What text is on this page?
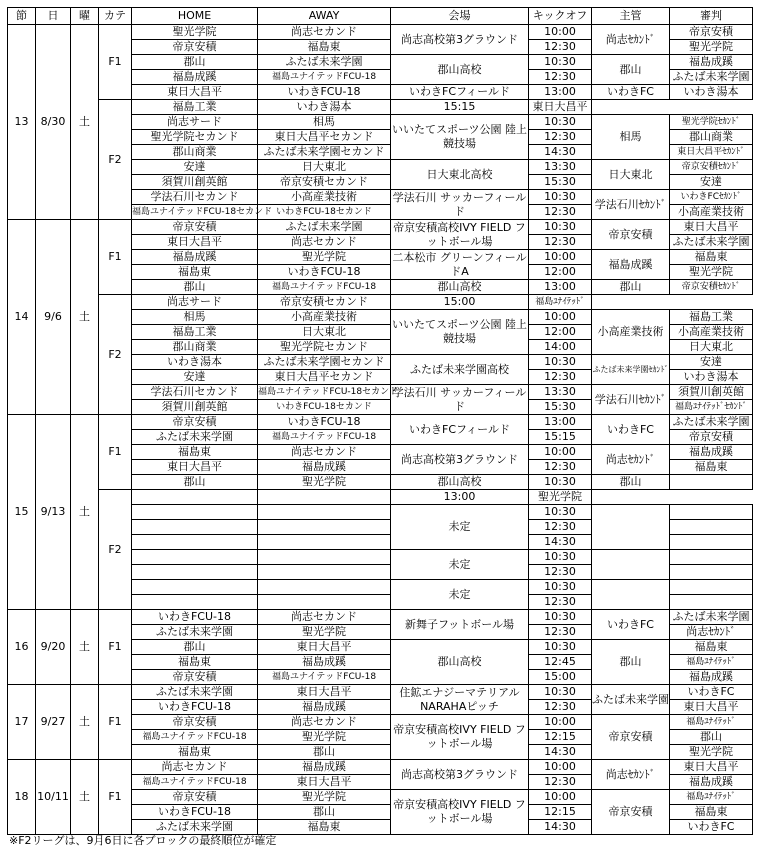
節	日	曜	カテ	HOME	AWAY	会場	キックオフ	主管	審判
13	8/30	土	F1	聖光学院	尚志セカンド	尚志高校第3グラウンド	10:00	尚志ｾｶﾝﾄﾞ	帝京安積
				帝京安積	福島東		12:30		聖光学院
				郡山	ふたば未来学園	郡山高校	10:30	郡山	福島成蹊
				福島成蹊	福島ユナイテッドFCU-18		12:30		ふたば未来学園
				東日大昌平	いわきFCU-18	いわきFCフィールド	13:00	いわきFC	いわき湯本
			F2	福島工業	いわき湯本	15:15	東日大昌平		
				尚志サード	相馬	いいたてスポーツ公園 陸上競技場	10:30	相馬	聖光学院ｾｶﾝﾄﾞ
				聖光学院セカンド	東日大昌平セカンド		12:30		郡山商業
				郡山商業	ふたば未来学園セカンド		14:30		東日大昌平ｾｶﾝﾄﾞ
				安達	日大東北	日大東北高校	13:30	日大東北	帝京安積ｾｶﾝﾄﾞ
				須賀川創英館	帝京安積セカンド		15:30		安達
				学法石川セカンド	小高産業技術	学法石川 サッカーフィールド	10:30	学法石川ｾｶﾝﾄﾞ	いわきFCｾｶﾝﾄﾞ
				福島ユナイテッドFCU-18セカンド	いわきFCU-18セカンド		12:30		小高産業技術
14	9/6	土	F1	帝京安積	ふたば未来学園	帝京安積高校IVY FIELD フットボール場	10:30	帝京安積	東日大昌平
				東日大昌平	尚志セカンド		12:30		ふたば未来学園
				福島成蹊	聖光学院	二本松市 グリーンフィールドA	10:00	福島成蹊	福島東
				福島東	いわきFCU-18		12:00		聖光学院
				郡山	福島ユナイテッドFCU-18	郡山高校	13:00	郡山	帝京安積ｾｶﾝﾄﾞ
			F2	尚志サード	帝京安積セカンド	15:00	福島ﾕﾅｲﾃｯﾄﾞ		
				相馬	小高産業技術	いいたてスポーツ公園 陸上競技場	10:00	小高産業技術	福島工業
				福島工業	日大東北		12:00		小高産業技術
				郡山商業	聖光学院セカンド		14:00		日大東北
				いわき湯本	ふたば未来学園セカンド	ふたば未来学園高校	10:30	ふたば未来学園ｾｶﾝﾄﾞ	安達
				安達	東日大昌平セカンド		12:30		いわき湯本
				学法石川セカンド	福島ユナイテッドFCU-18セカンド	学法石川 サッカーフィールド	13:30	学法石川ｾｶﾝﾄﾞ	須賀川創英館
				須賀川創英館	いわきFCU-18セカンド		15:30		福島ﾕﾅｲﾃｯﾄﾞｾｶﾝﾄﾞ
15	9/13	土	F1	帝京安積	いわきFCU-18	いわきFCフィールド	13:00	いわきFC	ふたば未来学園
				ふたば未来学園	福島ユナイテッドFCU-18		15:15		帝京安積
				福島東	尚志セカンド	尚志高校第3グラウンド	10:00	尚志ｾｶﾝﾄﾞ	福島成蹊
				東日大昌平	福島成蹊		12:30		福島東
				郡山	聖光学院	郡山高校	10:30	郡山	
			F2			13:00	聖光学院		
						未定	10:30		
							12:30		
							14:30		
						未定	10:30		
							12:30		
						未定	10:30		
							12:30		
16	9/20	土	F1	いわきFCU-18	尚志セカンド	新舞子フットボール場	10:30	いわきFC	ふたば未来学園
				ふたば未来学園	聖光学院		12:30		尚志ｾｶﾝﾄﾞ
				郡山	東日大昌平	郡山高校	10:30	郡山	福島東
				福島東	福島成蹊		12:45		福島ﾕﾅｲﾃｯﾄﾞ
				帝京安積	福島ユナイテッドFCU-18		15:00		福島成蹊
17	9/27	土	F1	ふたば未来学園	東日大昌平	住鉱エナジーマテリアル NARAHAピッチ	10:30	ふたば未来学園	いわきFC
				いわきFCU-18	福島成蹊		12:30		東日大昌平
				帝京安積	尚志セカンド	帝京安積高校IVY FIELD フットボール場	10:00	帝京安積	福島ﾕﾅｲﾃｯﾄﾞ
				福島ユナイテッドFCU-18	聖光学院		12:15		郡山
				福島東	郡山		14:30		聖光学院
18	10/11	土	F1	尚志セカンド	福島成蹊	尚志高校第3グラウンド	10:00	尚志ｾｶﾝﾄﾞ	東日大昌平
				福島ユナイテッドFCU-18	東日大昌平		12:30		福島成蹊
				帝京安積	聖光学院	帝京安積高校IVY FIELD フットボール場	10:00	帝京安積	福島ﾕﾅｲﾃｯﾄﾞ
				いわきFCU-18	郡山		12:15		福島東
				ふたば未来学園	福島東		14:30		いわきFC
※F2リーグは、9月6日に各ブロックの最終順位が確定
